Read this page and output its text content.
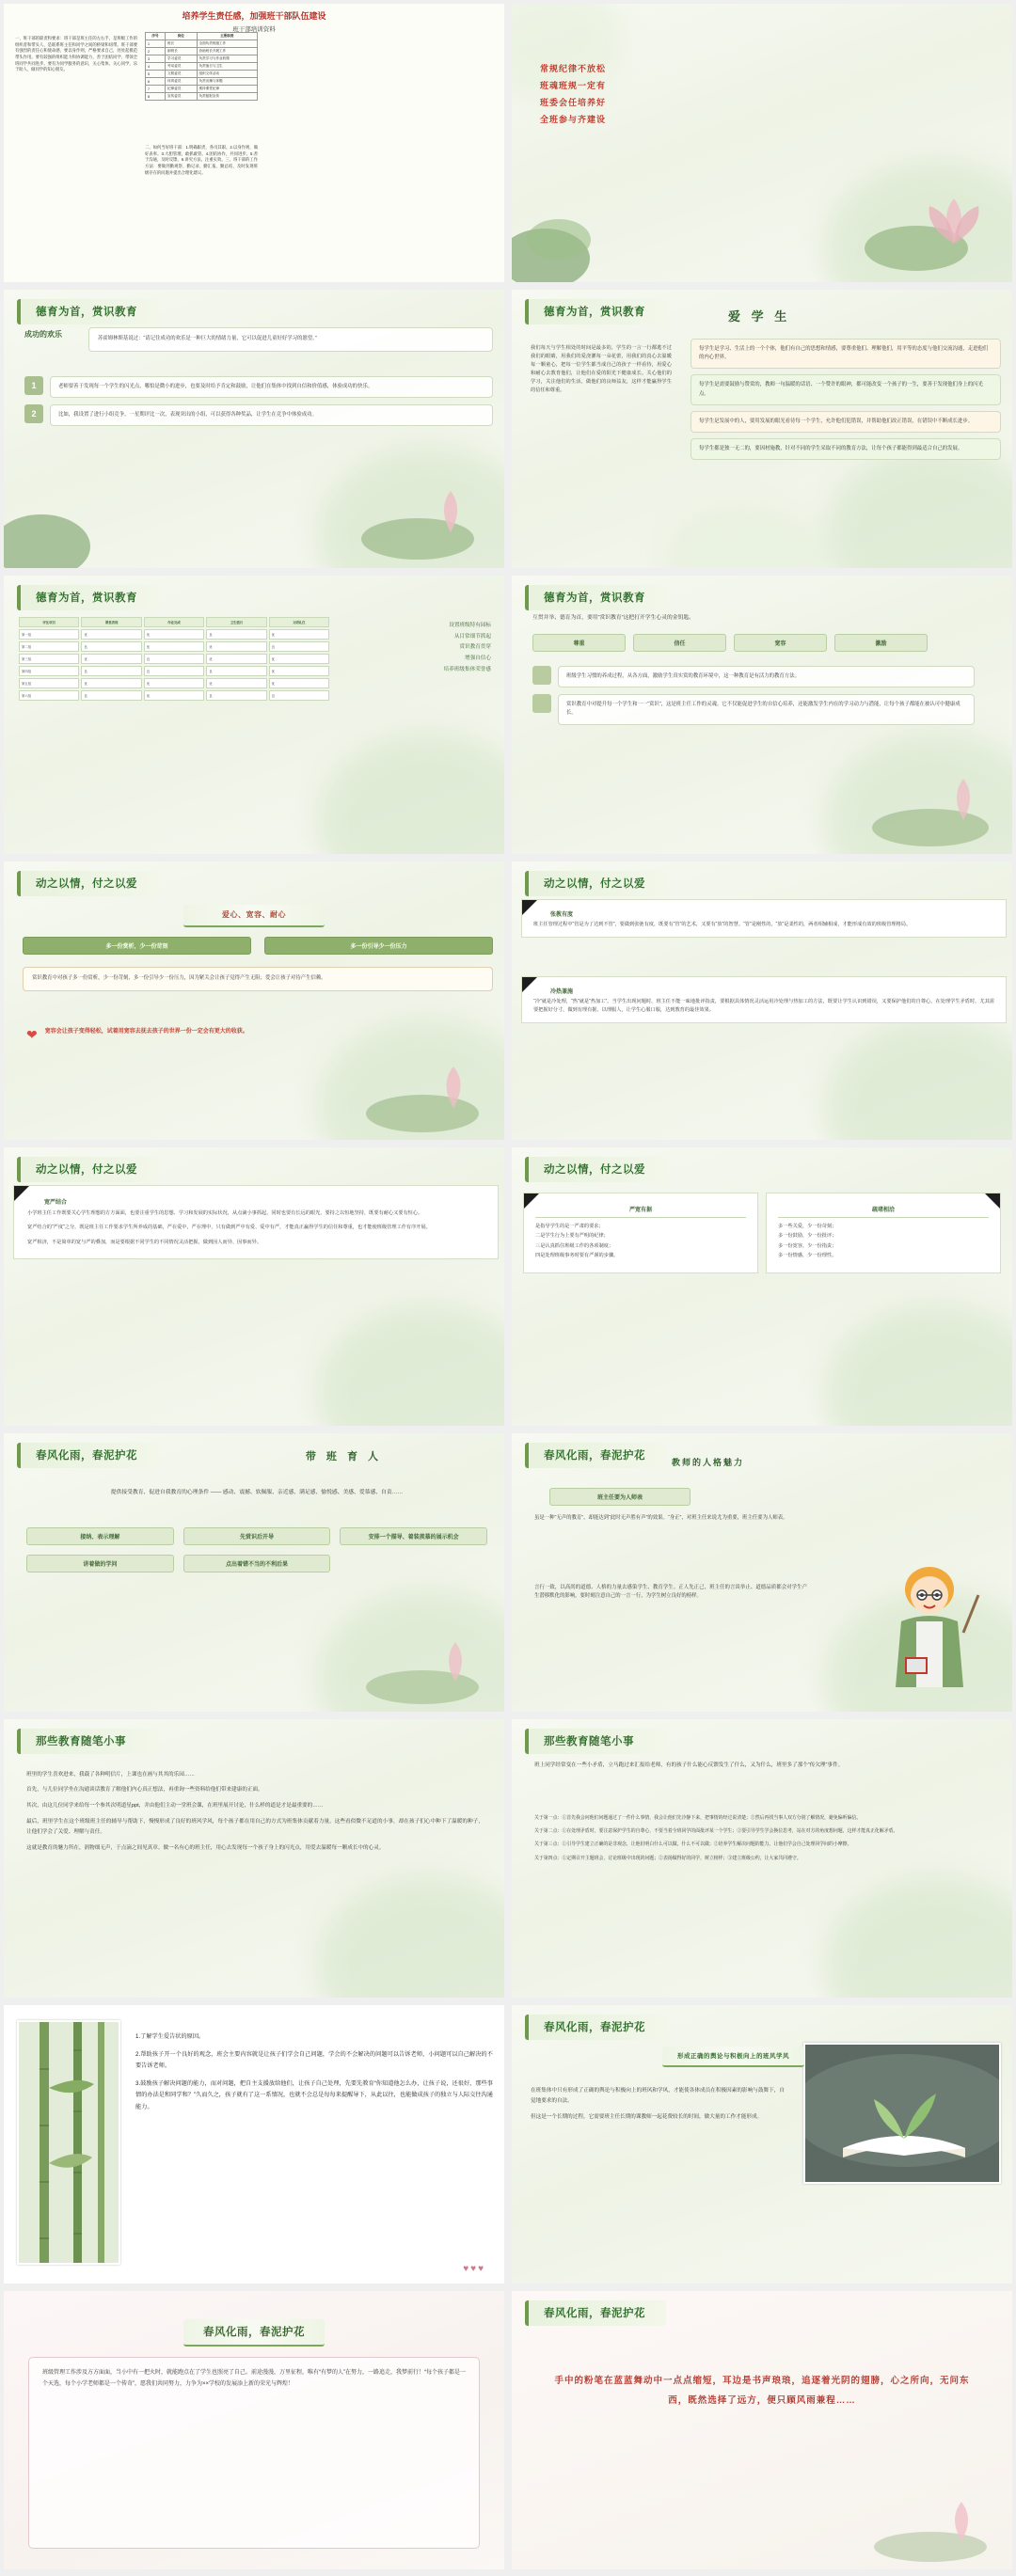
培养学生责任感，加强班干部队伍建设
班干部培训资料
一、班干部的职责和要求：班干部是班主任的左右手，是班级工作的组织者和带头人，是联系班主任和同学之间的桥梁和纽带。班干部要有强烈的责任心和使命感，要以身作则，严格要求自己，处处起模范带头作用。要有较强的组织能力和协调能力，善于团结同学，带领全班同学共同进步。要有为同学服务的意识，关心集体，关心同学，乐于助人，做同学的知心朋友。
二、如何当好班干部：1.明确职责，各司其职。2.以身作则，做好表率。3.大胆管理，敢抓敢管。4.团结协作，共同进步。5.善于沟通，及时反馈。6.讲究方法，注重实效。三、班干部的工作方法：要做到勤观察、勤记录、勤汇报、勤总结，及时发现班级存在的问题并提出合理化建议。
序号	岗位	主要职责
1	班长	全面负责班级工作
2	副班长	协助班长开展工作
3	学习委员	负责学习与作业收缴
4	劳动委员	负责值日与卫生
5	文娱委员	组织文体活动
6	体育委员	负责出操与体锻
7	纪律委员	维持课堂纪律
8	宣传委员	负责板报宣传
常规纪律不放松
班魂班规一定有
班委会任培养好
全班参与齐建设
德育为首，赏识教育
成功的欢乐	苏霍姆林斯基说过：“请记住成功的欢乐是一种巨大的情绪力量，它可以促进儿童好好学习的愿望。”
1	老师要善于发现每一个学生的闪光点，哪怕是微小的进步，也要及时给予肯定和鼓励，让他们在集体中找到自信和价值感，体验成功的快乐。
2	比如，我设置了进行小组竞争，一星期评比一次，表现突出的小组，可以获得各种奖品，让学生在竞争中体验成功。
德育为首，赏识教育	爱 学 生
我们每天与学生相处的时间是最多的，学生的一言一行都逃不过我们的眼睛，用我们的爱浇灌每一朵花蕾，用我们的真心去温暖每一颗童心，把每一位学生都当成自己的孩子一样看待，用爱心和耐心去教育他们，让他们在爱的阳光下健康成长。关心他们的学习，关注他们的生活，做他们的良师益友，这样才能赢得学生的信任和尊重。
每学生是学习、生活上的一个个体，他们有自己的思想和情感，要尊重他们、理解他们，用平等的态度与他们交流沟通，走进他们的内心世界。
每学生是需要鼓励与赞赏的，教师一句温暖的话语、一个赞许的眼神，都可能改变一个孩子的一生，要善于发现他们身上的闪光点。
每学生是发展中的人，要用发展的眼光看待每一个学生，允许他们犯错误，并帮助他们改正错误，在错误中不断成长进步。
每学生都是独一无二的，要因材施教，针对不同的学生采取不同的教育方法，让每个孩子都能得到最适合自己的发展。
德育为首，赏识教育
评比项目	课堂表现	作业完成	卫生值日	文明礼仪
第一组	优	优	良	优
第二组	良	优	优	良
第三组	优	良	优	优
第四组	良	良	良	优
第五组	优	优	优	优
第六组	良	优	良	良
设置班级特有园标
从目常细节抓起
赏识教育贯穿
增强自信心
培养班级集体荣誉感
德育为首，赏识教育
互贯并举、德育为首，要用“赏识教育”这把打开学生心灵的金钥匙。
尊重	信任	宽容	激励

班级学生习惯的养成过程，从各方面，激励学生真实赏的教育环境中，这一种教育是有活力的教育方法。

赏识教育中对提升每一个学生和一一“赏识”，这是班主任工作的灵魂。它不仅能促进学生的自信心培养，还能激发学生内在的学习动力与潜能，让每个孩子都能在被认可中健康成长。
动之以情，付之以爱
爱心、宽容、耐心
多一份赏析，少一份苛刻	多一份引导少一份压力
赏识教育中对孩子多一份赏析，少一份苛刻，多一份引导少一份压力，因为紧关会让孩子觉得产生无阻；爱会让孩子对待产生信赖。
❤ 宽容会让孩子变得轻松，试着用宽容去抚去孩子的世界一份一定会有更大的收获。
动之以情，付之以爱
张教有度
班主任管理过程中“管是为了达到不管”，要做到张弛有度，既要有“管”的艺术，又要有“放”的智慧。“管”是刚性的，“放”是柔性的，两者相辅相成，才能形成有效的班级管理格局。
冷热兼施
“冷”就是冷处理，“热”就是“热加工”。当学生出现问题时，班主任不能一味地批评指责，要根据具体情况灵活运用冷处理与热加工的方法，既要让学生认识到错误，又要保护他们的自尊心。在处理学生矛盾时，尤其需要把握好分寸，做到有理有据、以理服人，让学生心服口服，达到教育的最佳效果。
动之以情，付之以爱
宽严结合
小学班主任工作既要关心学生理想的方方面面，也要注重学生的思想、学习和发展的实际状况，从点滴小事抓起，同时也要有长远的眼光，要持之以恒地坚持，既要有耐心又要有恒心。
宽严结合的“严度”之分，既是班主任工作要求学生所养成的基础，严在爱中，严在理中，只有做到严中有爱、爱中有严，才能真正赢得学生的信任和尊重，也才能使班级管理工作有序开展。
宽严相济，不是简单的宽与严的叠加，而是要根据不同学生的不同情况灵活把握，做到因人而异、因事而异。
动之以情，付之以爱
严宽有据
是指导学生的是一严肃的要求；
二是学生行为上要有严明的纪律；
三是认真抓住班级工作的各项制度；
四是处理班级事务时要有严谨的步骤。
疏堵相洽
多一些关爱，少一份苛刻；
多一份鼓励，少一份批评；
多一份宽容，少一份指责；
多一份情感，少一份理性。
春风化雨，春泥护花	带 班 育 人
提供接受教育、促进自我教育的心理条件 —— 感动、震撼、软佩服、亲近感、满足感、愉悦感、美感、爱慕感、自责……
接纳、表示理解	先赏识后开导	安排一个描导、着装羡慕的展示机会
讲着做的学问	点出着错不当的不利后果
春风化雨，春泥护花
教师的人格魅力
班主任要为人师表
虽是一种“无声的教育”，却能达到“此时无声胜有声”的效果。“身正”，对班主任来说尤为重要，班主任要为人师表。
言行一致，以高尚的道德、人格的力量去感染学生、教育学生。正人先正己，班主任的言谈举止、道德品质都会对学生产生潜移默化的影响，要时刻注意自己的一言一行，为学生树立良好的榜样。
那些教育随笔小事

班里的学生喜欢进来，我载了各种明信片，上课也在画与其其的乐园……

首先，与儿位同学坐在沟通谈话教育了解他们内心真正想法，再重询一些资料给他们带来建康的正面。

其次，由这儿位同学来给每一个参其次明道星ppt，并由他们主动一堂班会课，在班里展开讨论，什么样的道是才是最重要的……

最后，班里学生在这个班级班主任的辅导与帮助下，慢慢形成了良好的班风学风，每个孩子都在用自己的方式为班集体贡献着力量。这些看似微不足道的小事，却在孩子们心中种下了温暖的种子，让他们学会了关爱、理解与责任。

这就是教育的魅力所在，润物细无声，于点滴之间见真章。做一名有心的班主任，用心去发现每一个孩子身上的闪光点，用爱去温暖每一颗成长中的心灵。

那些教育随笔小事
班上同学经常变在一些小矛盾，立马跑过来汇报给老师，有的孩子什么能心反馈发生了什么，又为什么，班里多了那个“传欠理”事件。

关于第一点：①首先我会问他们问题通过了一件什么事情，我会让他们先冷静下来，把事情的经过说清楚；②然后再找当事人双方分别了解情况，避免偏听偏信。

关于第二点：①在处理矛盾时，要注意保护学生的自尊心，不要当着全班同学的面批评某一个学生；②要引导学生学会换位思考，站在对方的角度想问题，这样才能真正化解矛盾。

关于第三点：①引导学生建立正确的是非观念，让他们明白什么可以做，什么不可以做；②培养学生解决问题的能力，让他们学会自己处理同学间的小摩擦。

关于第四点：①定期召开主题班会，讨论班级中出现的问题；②表扬做得好的同学，树立榜样；③建立班级公约，让大家共同遵守。

1.了解学生爱告状的原因。

2.帮助孩子开一个良好的观念，班会主要内容就是让孩子们学会自己问题，学会的不会解决的问题可以告诉老师，小问题可以自己解决的不要告诉老师。

3.鼓励孩子解决问题的能力，而对问题，把自主支援放给他们，让孩子自己处理，先要先教育“你知道他怎么办，让孩子说，还很好，那些事情的办法是和同学和？”久而久之，孩子就有了这一系情况，也就不会总是每每来提醒导下，从此以往，也能做成孩子的独立与人际交往沟通能力。

♥♥♥
春风化雨，春泥护花
形成正确的舆论与积极向上的班风学风

在班集体中只有形成了正确的舆论与积极向上的班风和学风，才能使各体成员在积极因素的影响与鼓舞下，自觉地要求的自法。

但这是一个长期的过程，它需要班主任长期的课教师一起花费较长的时间，做大量的工作才能形成。

春风化雨，春泥护花
班级管理工作涉及方方面面，当小中有一把火时，就能跑点在了学生也照亮了自己。前途漫漫，万里征程，唯有“有梦的人”在努力，一路追走，我梦前行！“每个孩子都是一个天选，每个小学老师都是一个传奇”，愿我们共同努力，力争为××学校的发展添上新的荣光与辉煌！
春风化雨，春泥护花
手中的粉笔在蓝蓝舞动中一点点缩短，耳边是书声琅琅，追逐着光阴的翅膀，心之所向，无问东西，既然选择了远方，便只顾风雨兼程……
